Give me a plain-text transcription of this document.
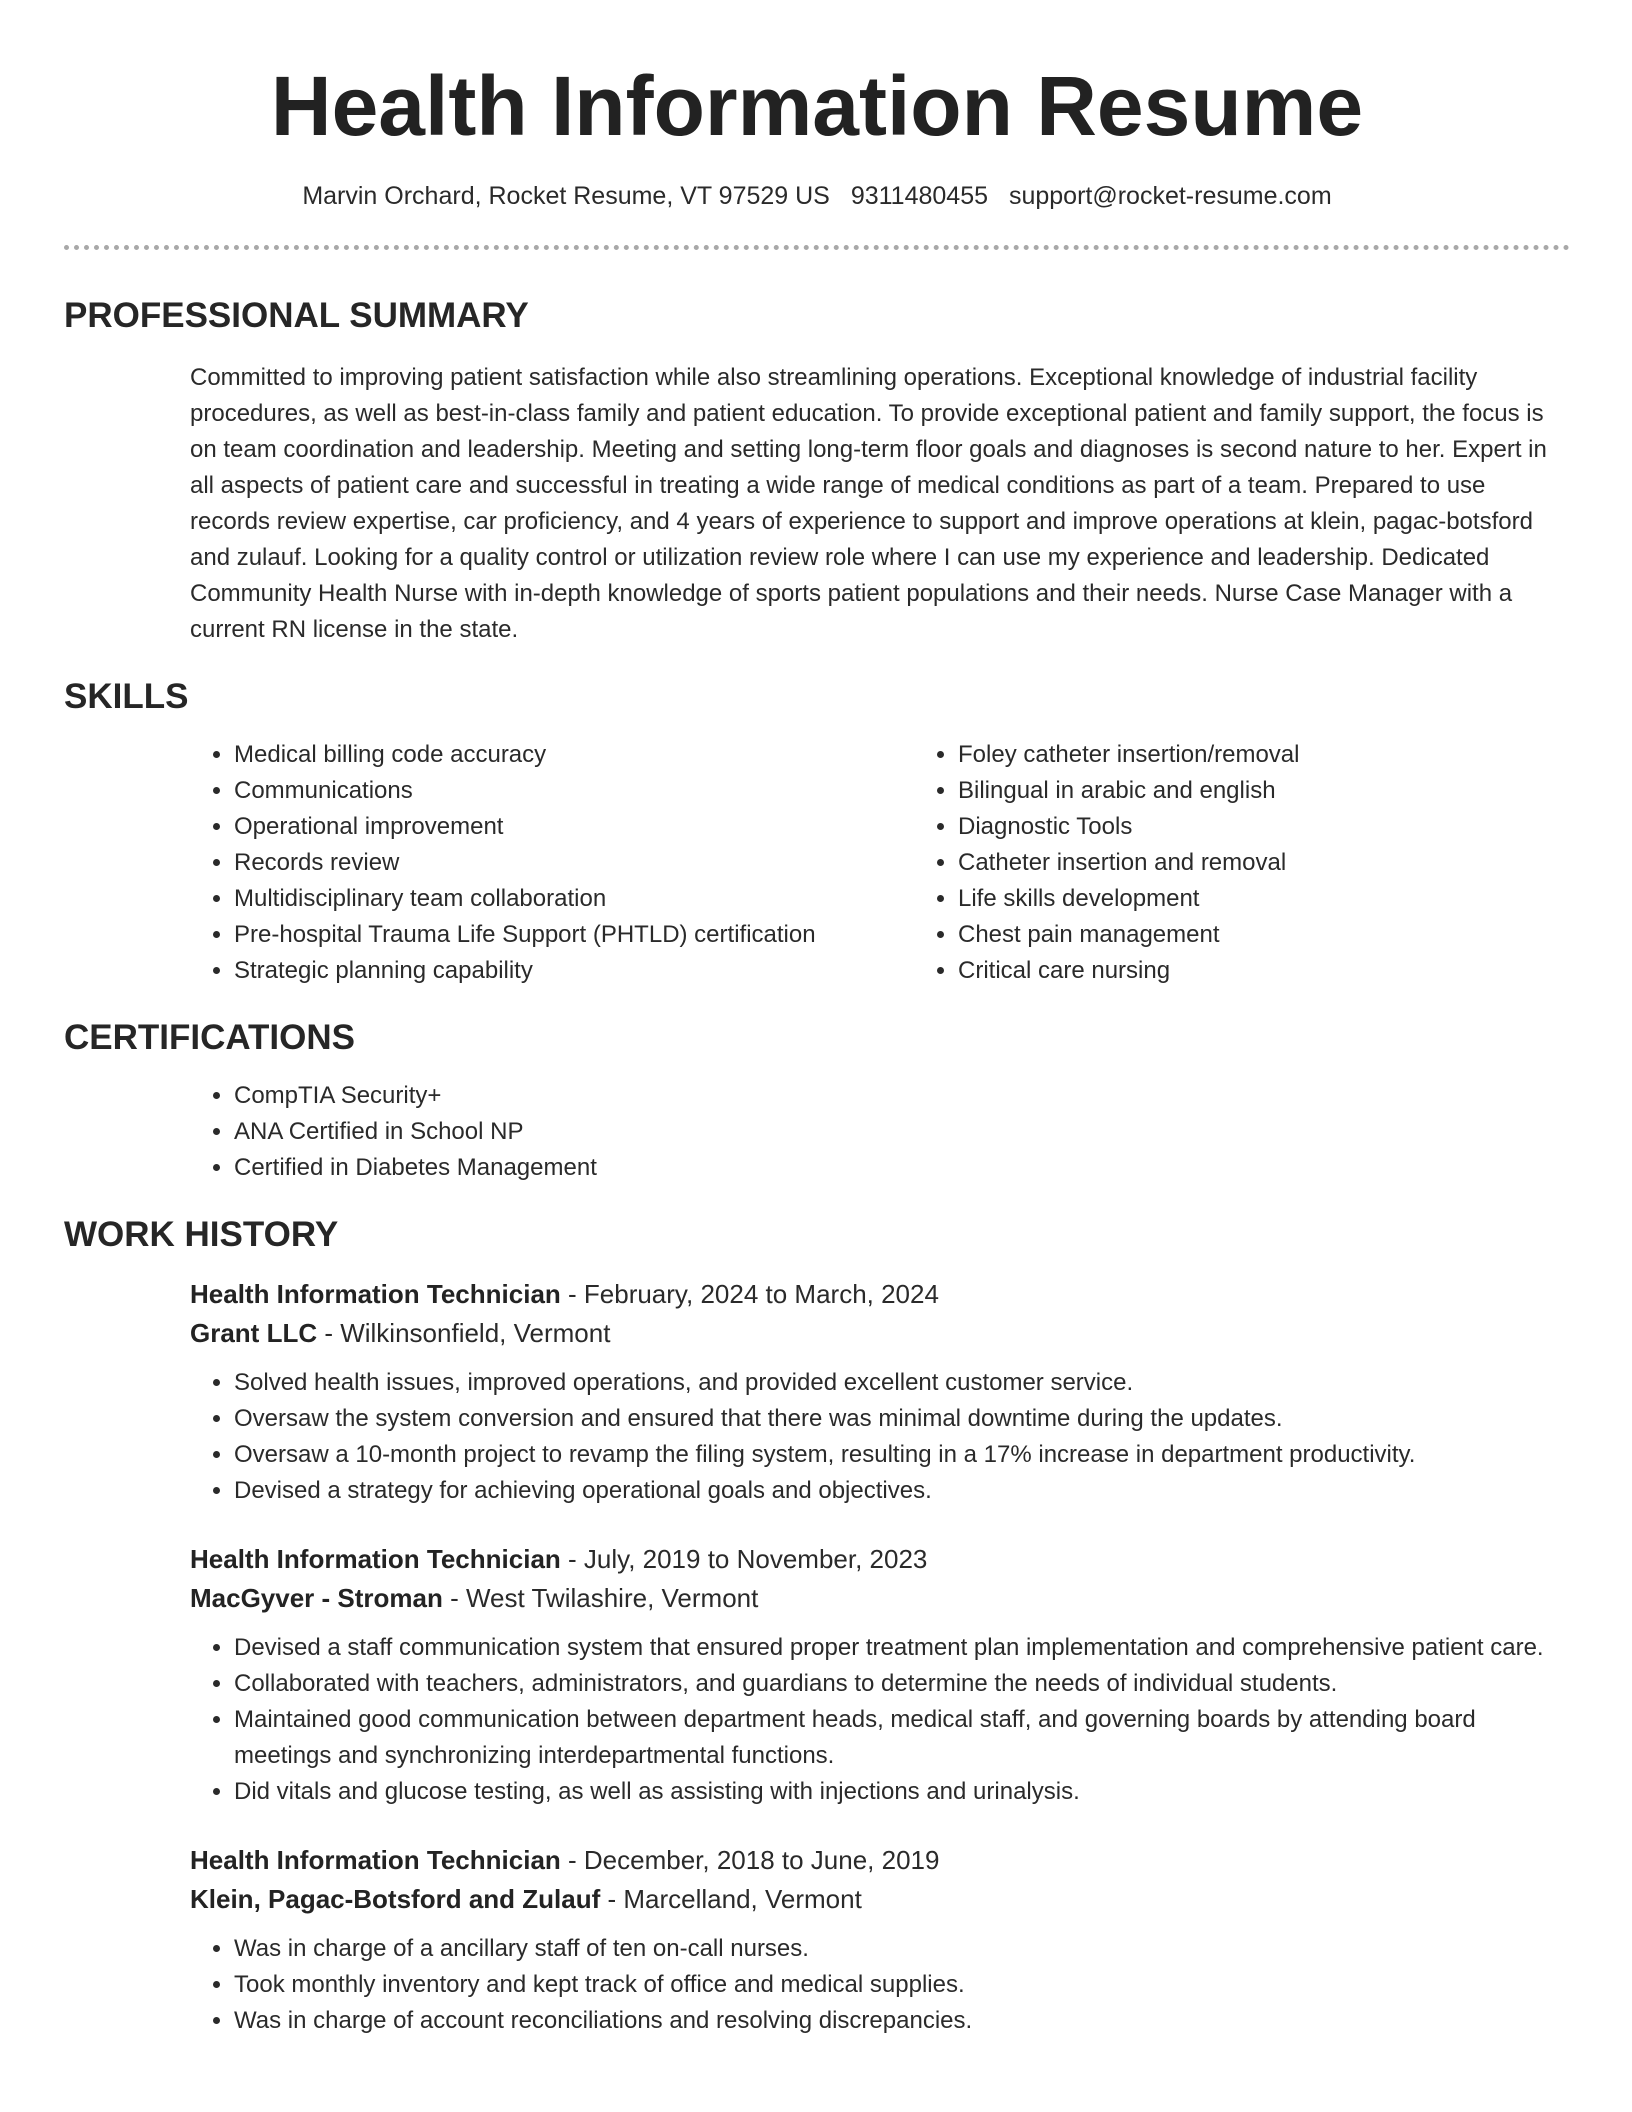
Health Information Resume
Marvin Orchard, Rocket Resume, VT 97529 US 9311480455 support@rocket-resume.com
PROFESSIONAL SUMMARY

Committed to improving patient satisfaction while also streamlining operations. Exceptional knowledge of industrial facility procedures, as well as best-in-class family and patient education. To provide exceptional patient and family support, the focus is on team coordination and leadership. Meeting and setting long-term floor goals and diagnoses is second nature to her. Expert in all aspects of patient care and successful in treating a wide range of medical conditions as part of a team. Prepared to use records review expertise, car proficiency, and 4 years of experience to support and improve operations at klein, pagac-botsford and zulauf. Looking for a quality control or utilization review role where I can use my experience and leadership. Dedicated Community Health Nurse with in-depth knowledge of sports patient populations and their needs. Nurse Case Manager with a current RN license in the state.

SKILLS
• Medical billing code accuracy
• Communications
• Operational improvement
• Records review
• Multidisciplinary team collaboration
• Pre-hospital Trauma Life Support (PHTLD) certification
• Strategic planning capability
• Foley catheter insertion/removal
• Bilingual in arabic and english
• Diagnostic Tools
• Catheter insertion and removal
• Life skills development
• Chest pain management
• Critical care nursing
CERTIFICATIONS
• CompTIA Security+
• ANA Certified in School NP
• Certified in Diabetes Management
WORK HISTORY
Health Information Technician - February, 2024 to March, 2024
Grant LLC - Wilkinsonfield, Vermont
• Solved health issues, improved operations, and provided excellent customer service.
• Oversaw the system conversion and ensured that there was minimal downtime during the updates.
• Oversaw a 10-month project to revamp the filing system, resulting in a 17% increase in department productivity.
• Devised a strategy for achieving operational goals and objectives.
Health Information Technician - July, 2019 to November, 2023
MacGyver - Stroman - West Twilashire, Vermont
• Devised a staff communication system that ensured proper treatment plan implementation and comprehensive patient care.
• Collaborated with teachers, administrators, and guardians to determine the needs of individual students.
• Maintained good communication between department heads, medical staff, and governing boards by attending board meetings and synchronizing interdepartmental functions.
• Did vitals and glucose testing, as well as assisting with injections and urinalysis.
Health Information Technician - December, 2018 to June, 2019
Klein, Pagac-Botsford and Zulauf - Marcelland, Vermont
• Was in charge of a ancillary staff of ten on-call nurses.
• Took monthly inventory and kept track of office and medical supplies.
• Was in charge of account reconciliations and resolving discrepancies.
